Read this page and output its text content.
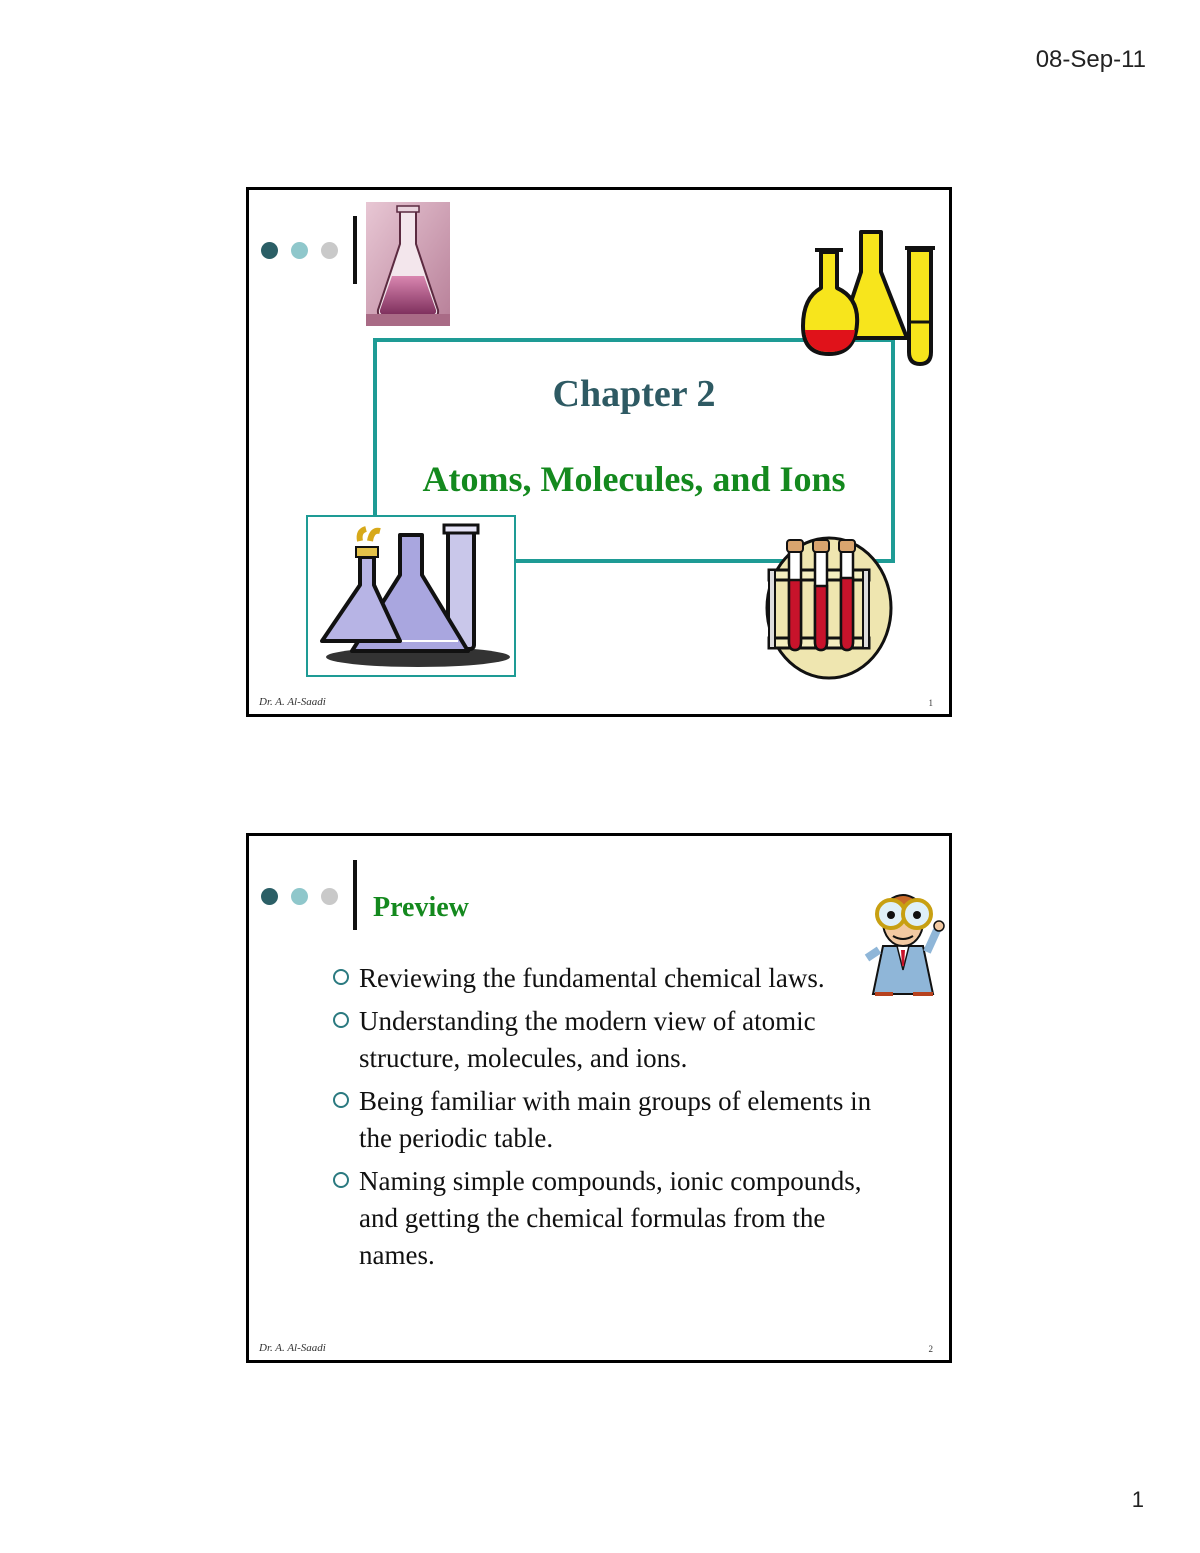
08-Sep-11
Chapter 2
Atoms, Molecules, and Ions
Dr. A. Al-Saadi	1
Preview
Reviewing the fundamental chemical laws.
Understanding the modern view of atomic structure, molecules, and ions.
Being familiar with main groups of elements in the periodic table.
Naming simple compounds, ionic compounds, and getting the chemical formulas from the names.
Dr. A. Al-Saadi	2
1
